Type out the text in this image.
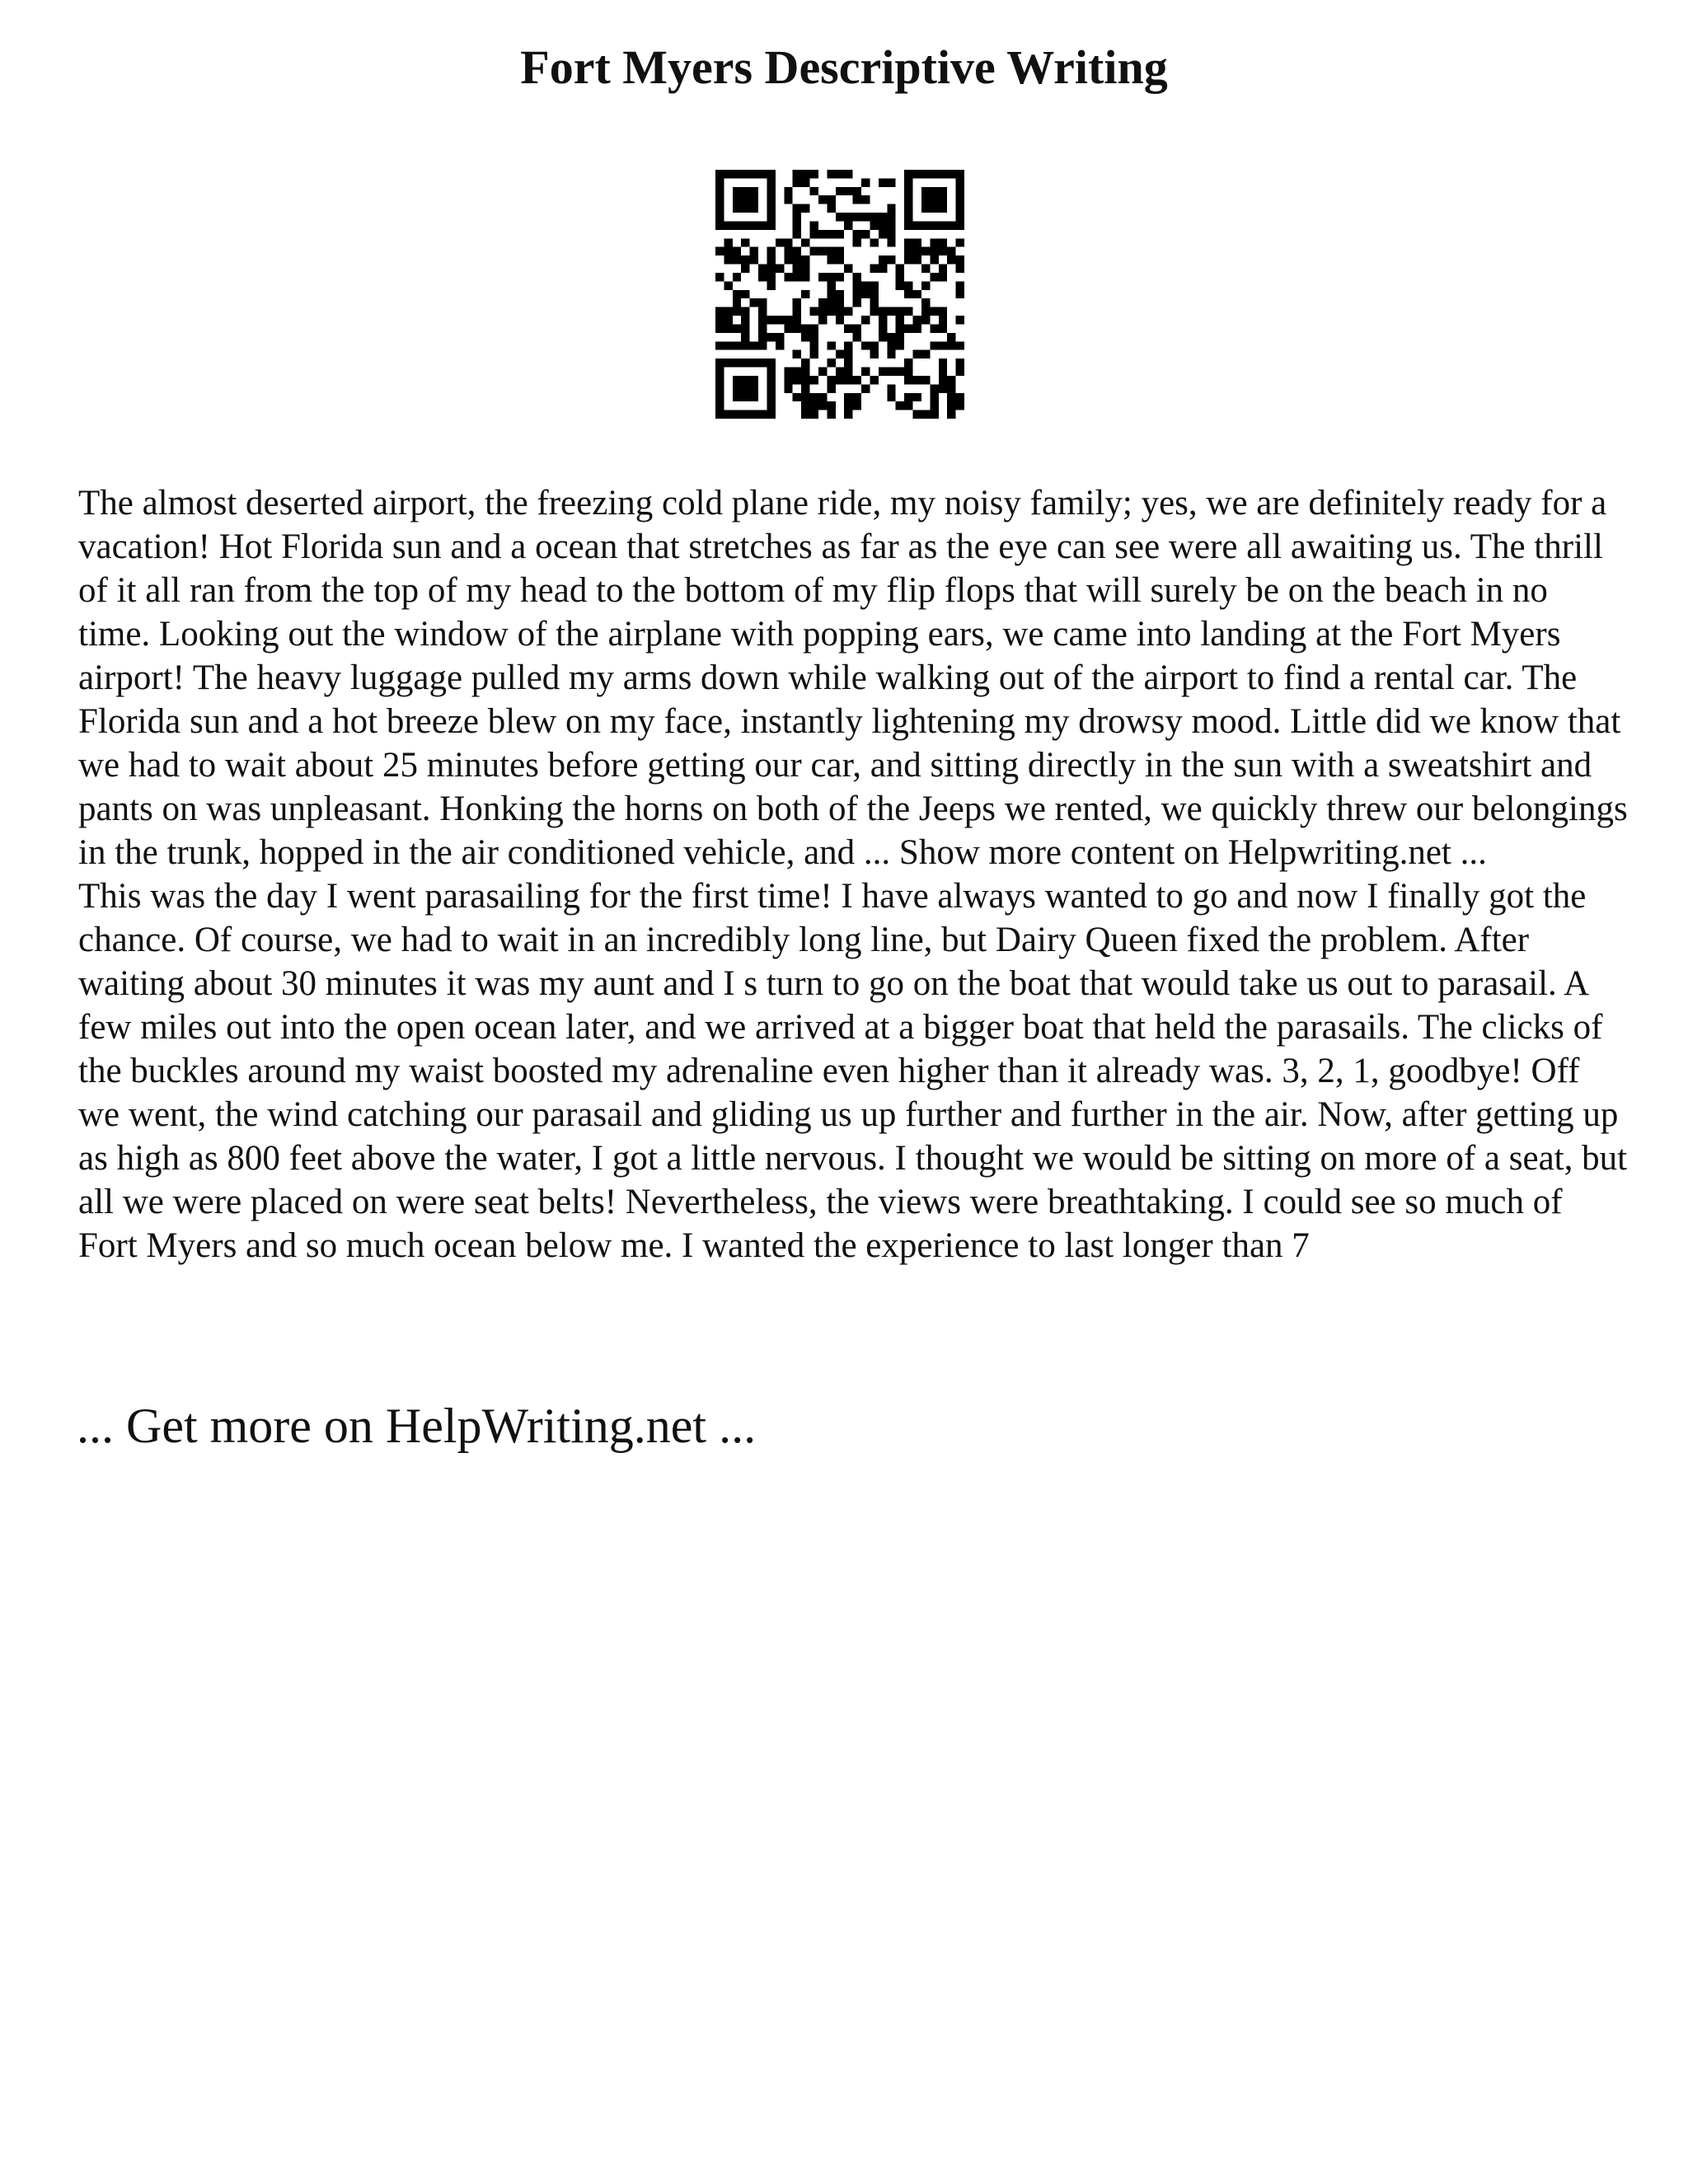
Fort Myers Descriptive Writing

The almost deserted airport, the freezing cold plane ride, my noisy family; yes, we are definitely ready for a vacation! Hot Florida sun and a ocean that stretches as far as the eye can see were all awaiting us. The thrill of it all ran from the top of my head to the bottom of my flip flops that will surely be on the beach in no time. Looking out the window of the airplane with popping ears, we came into landing at the Fort Myers airport! The heavy luggage pulled my arms down while walking out of the airport to find a rental car. The Florida sun and a hot breeze blew on my face, instantly lightening my drowsy mood. Little did we know that we had to wait about 25 minutes before getting our car, and sitting directly in the sun with a sweatshirt and pants on was unpleasant. Honking the horns on both of the Jeeps we rented, we quickly threw our belongings in the trunk, hopped in the air conditioned vehicle, and ... Show more content on Helpwriting.net ...

This was the day I went parasailing for the first time! I have always wanted to go and now I finally got the chance. Of course, we had to wait in an incredibly long line, but Dairy Queen fixed the problem. After waiting about 30 minutes it was my aunt and I s turn to go on the boat that would take us out to parasail. A few miles out into the open ocean later, and we arrived at a bigger boat that held the parasails. The clicks of the buckles around my waist boosted my adrenaline even higher than it already was. 3, 2, 1, goodbye! Off we went, the wind catching our parasail and gliding us up further and further in the air. Now, after getting up as high as 800 feet above the water, I got a little nervous. I thought we would be sitting on more of a seat, but all we were placed on were seat belts! Nevertheless, the views were breathtaking. I could see so much of Fort Myers and so much ocean below me. I wanted the experience to last longer than 7

... Get more on HelpWriting.net ...
